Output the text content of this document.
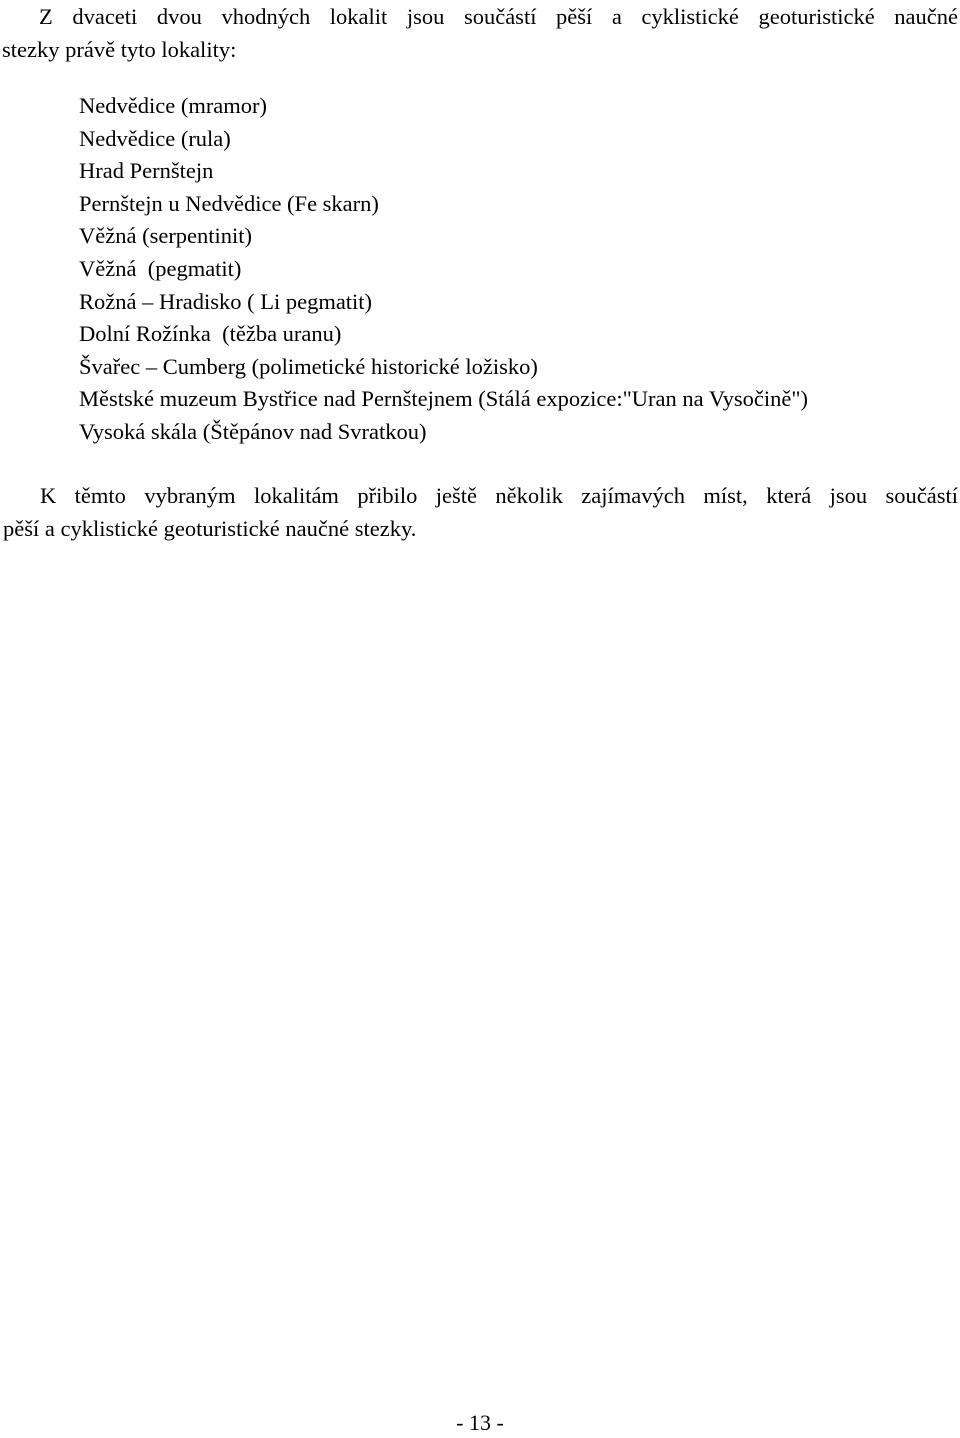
Z dvaceti dvou vhodných lokalit jsou součástí pěší a cyklistické geoturistické naučné
stezky právě tyto lokality:
Nedvědice (mramor)
Nedvědice (rula)
Hrad Pernštejn
Pernštejn u Nedvědice (Fe skarn)
Věžná (serpentinit)
Věžná  (pegmatit)
Rožná – Hradisko ( Li pegmatit)
Dolní Rožínka  (těžba uranu)
Švařec – Cumberg (polimetické historické ložisko)
Městské muzeum Bystřice nad Pernštejnem (Stálá expozice:"Uran na Vysočině")
Vysoká skála (Štěpánov nad Svratkou)
K těmto vybraným lokalitám přibilo ještě několik zajímavých míst, která jsou součástí
pěší a cyklistické geoturistické naučné stezky.
- 13 -
